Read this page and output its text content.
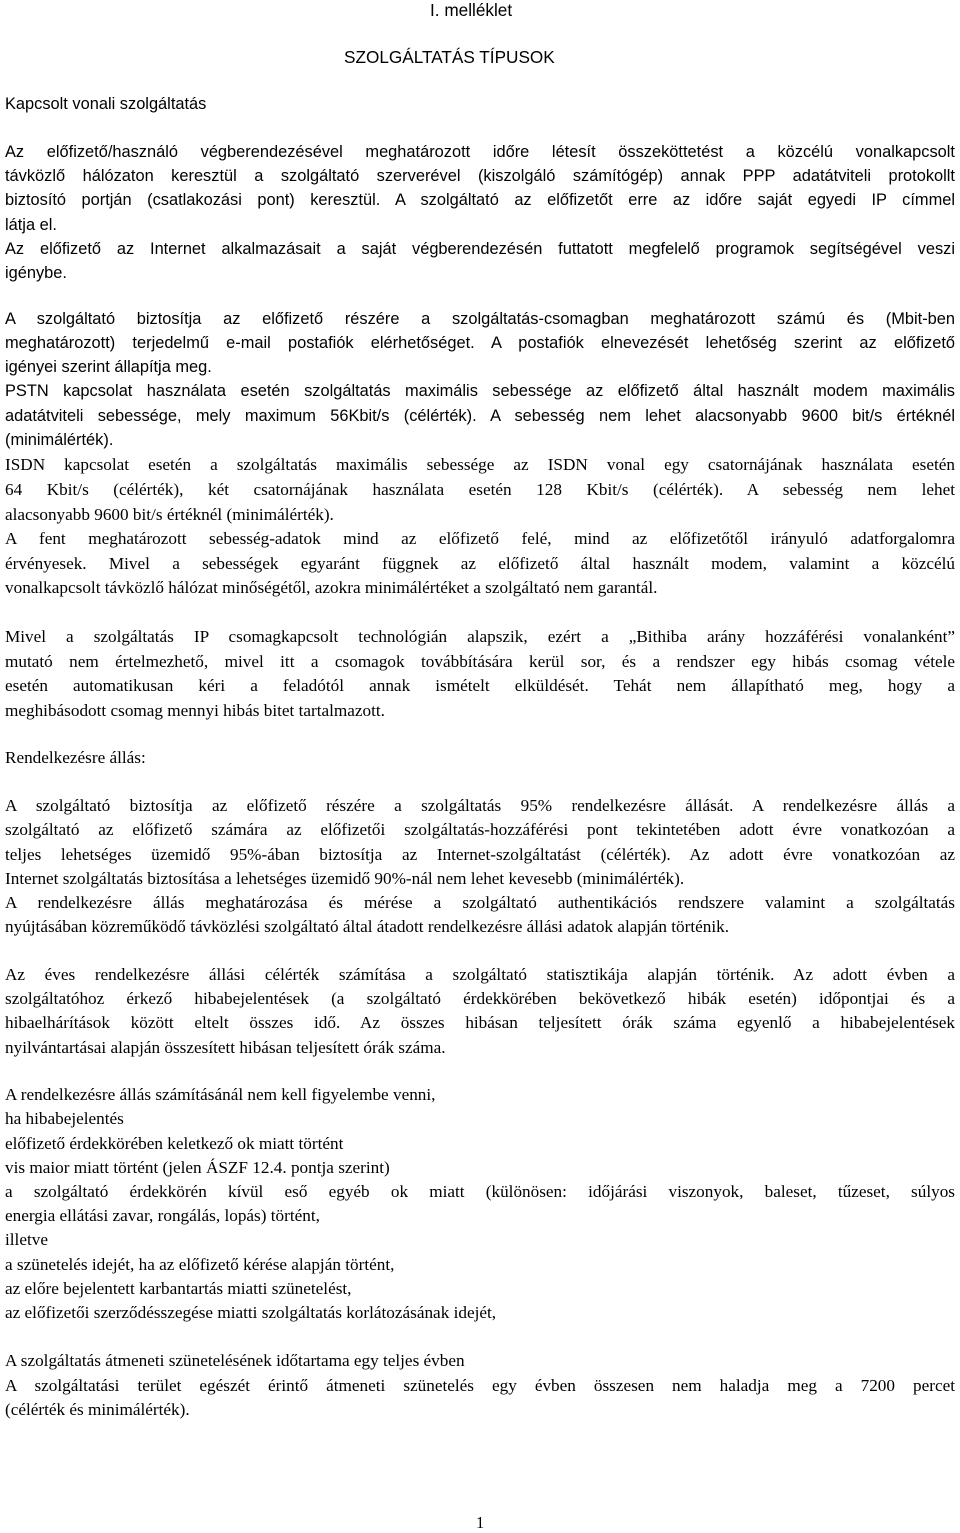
I. melléklet
SZOLGÁLTATÁS TÍPUSOK
Kapcsolt vonali szolgáltatás
Az előfizető/használó végberendezésével meghatározott időre létesít összeköttetést a közcélú vonalkapcsolt
távközlő hálózaton keresztül a szolgáltató szerverével (kiszolgáló számítógép) annak PPP adatátviteli protokollt
biztosító portján (csatlakozási pont) keresztül. A szolgáltató az előfizetőt erre az időre saját egyedi IP címmel
látja el.
Az előfizető az Internet alkalmazásait a saját végberendezésén futtatott megfelelő programok segítségével veszi
igénybe.
A szolgáltató biztosítja az előfizető részére a szolgáltatás-csomagban meghatározott számú és (Mbit-ben
meghatározott) terjedelmű e-mail postafiók elérhetőséget. A postafiók elnevezését lehetőség szerint az előfizető
igényei szerint állapítja meg.
PSTN kapcsolat használata esetén szolgáltatás maximális sebessége az előfizető által használt modem maximális
adatátviteli sebessége, mely maximum 56Kbit/s (célérték). A sebesség nem lehet alacsonyabb 9600 bit/s értéknél
(minimálérték).
ISDN kapcsolat esetén a szolgáltatás maximális sebessége az ISDN vonal egy csatornájának használata esetén
64 Kbit/s (célérték), két csatornájának használata esetén 128 Kbit/s (célérték). A sebesség nem lehet
alacsonyabb 9600 bit/s értéknél (minimálérték).
A fent meghatározott sebesség-adatok mind az előfizető felé, mind az előfizetőtől irányuló adatforgalomra
érvényesek. Mivel a sebességek egyaránt függnek az előfizető által használt modem, valamint a közcélú
vonalkapcsolt távközlő hálózat minőségétől, azokra minimálértéket a szolgáltató nem garantál.
Mivel a szolgáltatás IP csomagkapcsolt technológián alapszik, ezért a „Bithiba arány hozzáférési vonalanként”
mutató nem értelmezhető, mivel itt a csomagok továbbítására kerül sor, és a rendszer egy hibás csomag vétele
esetén automatikusan kéri a feladótól annak ismételt elküldését. Tehát nem állapítható meg, hogy a
meghibásodott csomag mennyi hibás bitet tartalmazott.
Rendelkezésre állás:
A szolgáltató biztosítja az előfizető részére a szolgáltatás 95% rendelkezésre állását. A rendelkezésre állás a
szolgáltató az előfizető számára az előfizetői szolgáltatás-hozzáférési pont tekintetében adott évre vonatkozóan a
teljes lehetséges üzemidő 95%-ában biztosítja az Internet-szolgáltatást (célérték). Az adott évre vonatkozóan az
Internet szolgáltatás biztosítása a lehetséges üzemidő 90%-nál nem lehet kevesebb (minimálérték).
A rendelkezésre állás meghatározása és mérése a szolgáltató authentikációs rendszere valamint a szolgáltatás
nyújtásában közreműködő távközlési szolgáltató által átadott rendelkezésre állási adatok alapján történik.
Az éves rendelkezésre állási célérték számítása a szolgáltató statisztikája alapján történik. Az adott évben a
szolgáltatóhoz érkező hibabejelentések (a szolgáltató érdekkörében bekövetkező hibák esetén) időpontjai és a
hibaelhárítások között eltelt összes idő. Az összes hibásan teljesített órák száma egyenlő a hibabejelentések
nyilvántartásai alapján összesített hibásan teljesített órák száma.
A rendelkezésre állás számításánál nem kell figyelembe venni,
ha hibabejelentés
előfizető érdekkörében keletkező ok miatt történt
vis maior miatt történt (jelen ÁSZF 12.4. pontja szerint)
a szolgáltató érdekkörén kívül eső egyéb ok miatt (különösen: időjárási viszonyok, baleset, tűzeset, súlyos
energia ellátási zavar, rongálás, lopás) történt,
illetve
a szünetelés idejét, ha az előfizető kérése alapján történt,
az előre bejelentett karbantartás miatti szünetelést,
az előfizetői szerződésszegése miatti szolgáltatás korlátozásának idejét,
A szolgáltatás átmeneti szünetelésének időtartama egy teljes évben
A szolgáltatási terület egészét érintő átmeneti szünetelés egy évben összesen nem haladja meg a 7200 percet
(célérték és minimálérték).
1
